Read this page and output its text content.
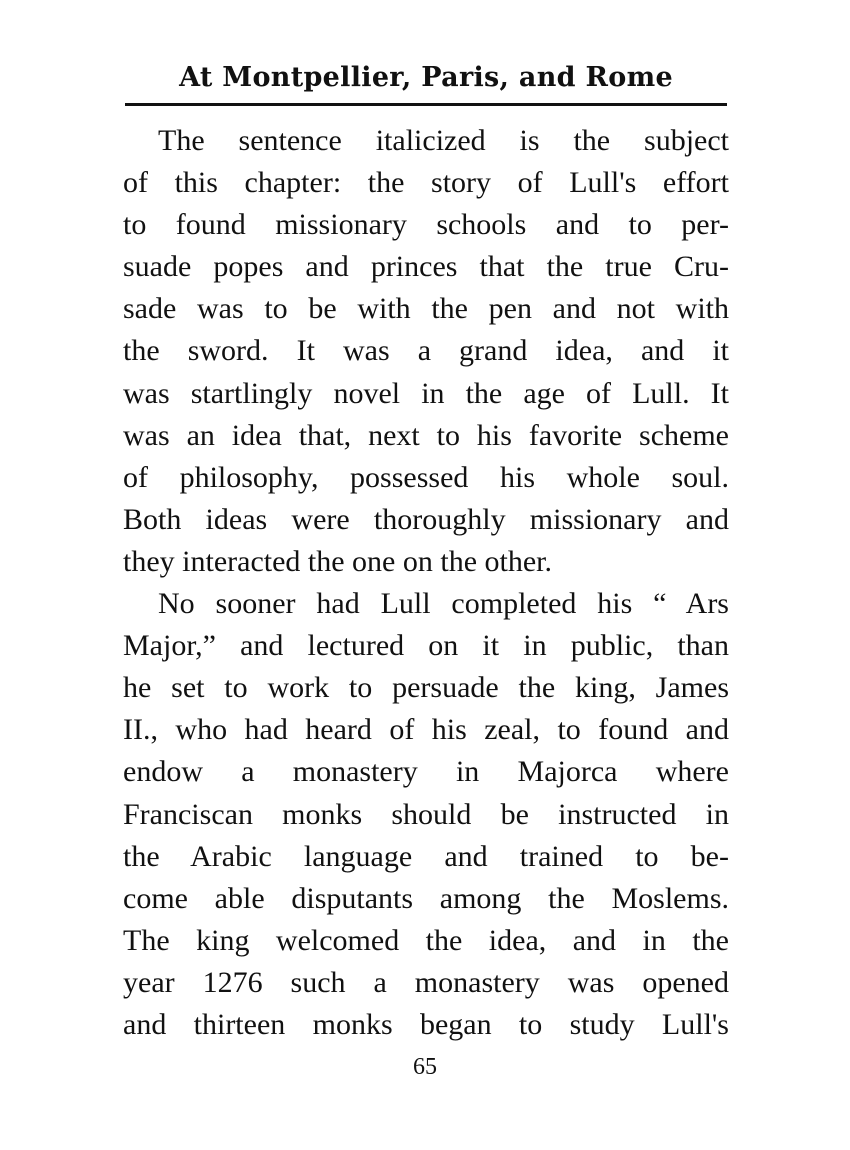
At Montpellier, Paris, and Rome

The sentence italicized is the subject
of this chapter: the story of Lull's effort
to found missionary schools and to per-
suade popes and princes that the true Cru-
sade was to be with the pen and not with
the sword. It was a grand idea, and it
was startlingly novel in the age of Lull. It
was an idea that, next to his favorite scheme
of philosophy, possessed his whole soul.
Both ideas were thoroughly missionary and
they interacted the one on the other.

No sooner had Lull completed his “ Ars
Major,” and lectured on it in public, than
he set to work to persuade the king, James
II., who had heard of his zeal, to found and
endow a monastery in Majorca where
Franciscan monks should be instructed in
the Arabic language and trained to be-
come able disputants among the Moslems.
The king welcomed the idea, and in the
year 1276 such a monastery was opened
and thirteen monks began to study Lull's

65
